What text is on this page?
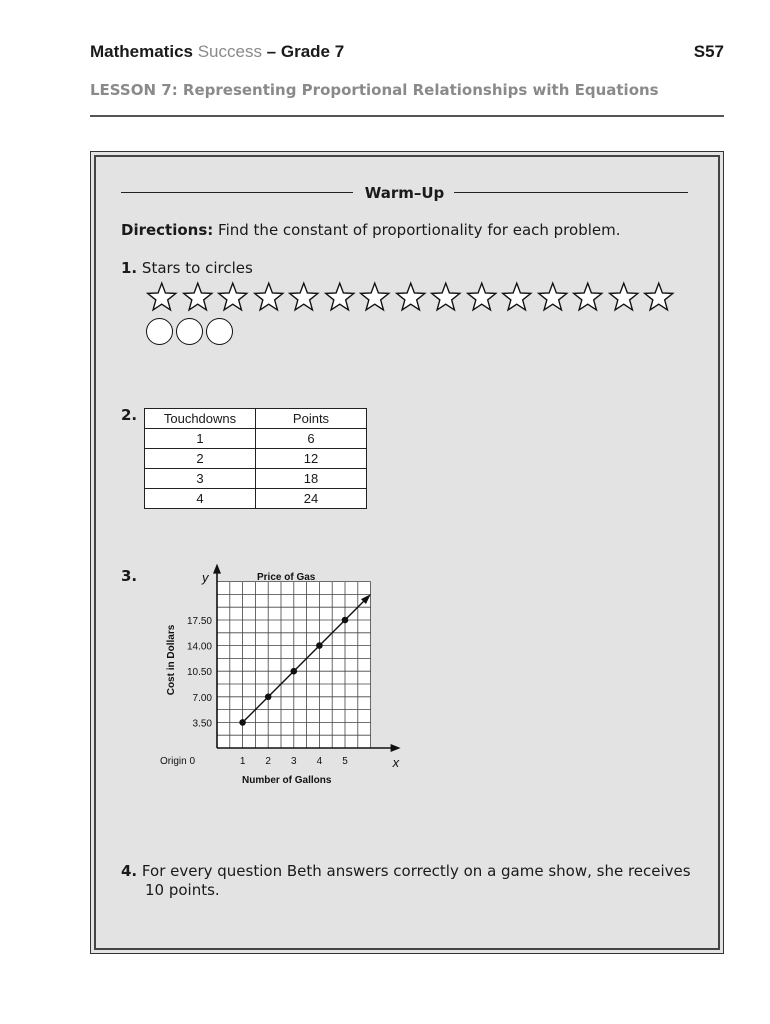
Mathematics Success – Grade 7	S57
LESSON 7: Representing Proportional Relationships with Equations
Warm–Up
Directions: Find the constant of proportionality for each problem.
1. Stars to circles
2. Touchdowns	Points
1	6
2	12
3	18
4	24
3.	Price of Gas
y
x
Origin 0
Number of Gallons
Cost in Dollars
1 2 3 4 5
3.50
7.00
10.50
14.00
17.50
4. For every question Beth answers correctly on a game show, she receives
10 points.
